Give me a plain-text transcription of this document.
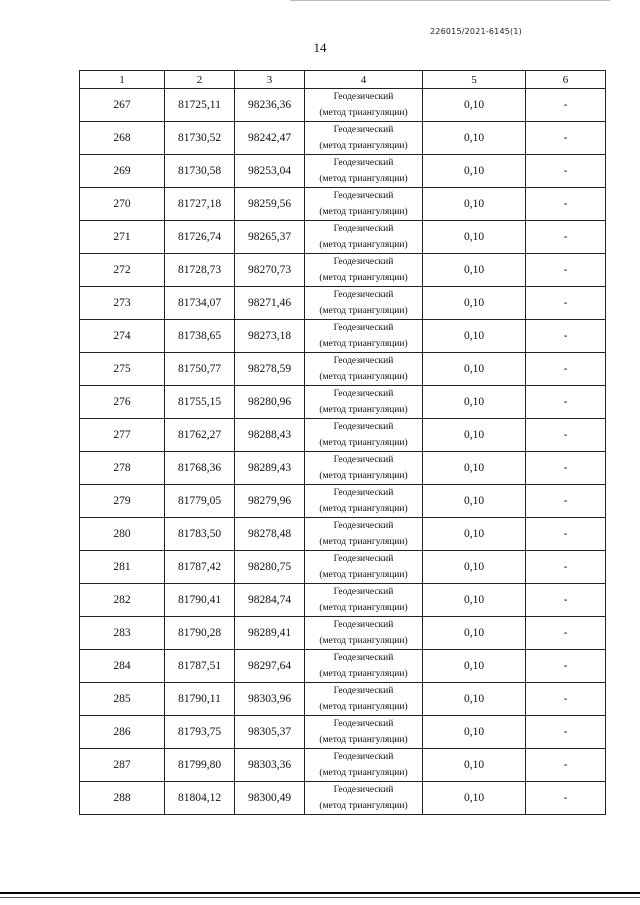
226015/2021-6145(1)
14
1	2	3	4	5	6
267	81725,11	98236,36	Геодезический
(метод триангуляции)	0,10	-
268	81730,52	98242,47	Геодезический
(метод триангуляции)	0,10	-
269	81730,58	98253,04	Геодезический
(метод триангуляции)	0,10	-
270	81727,18	98259,56	Геодезический
(метод триангуляции)	0,10	-
271	81726,74	98265,37	Геодезический
(метод триангуляции)	0,10	-
272	81728,73	98270,73	Геодезический
(метод триангуляции)	0,10	-
273	81734,07	98271,46	Геодезический
(метод триангуляции)	0,10	-
274	81738,65	98273,18	Геодезический
(метод триангуляции)	0,10	-
275	81750,77	98278,59	Геодезический
(метод триангуляции)	0,10	-
276	81755,15	98280,96	Геодезический
(метод триангуляции)	0,10	-
277	81762,27	98288,43	Геодезический
(метод триангуляции)	0,10	-
278	81768,36	98289,43	Геодезический
(метод триангуляции)	0,10	-
279	81779,05	98279,96	Геодезический
(метод триангуляции)	0,10	-
280	81783,50	98278,48	Геодезический
(метод триангуляции)	0,10	-
281	81787,42	98280,75	Геодезический
(метод триангуляции)	0,10	-
282	81790,41	98284,74	Геодезический
(метод триангуляции)	0,10	-
283	81790,28	98289,41	Геодезический
(метод триангуляции)	0,10	-
284	81787,51	98297,64	Геодезический
(метод триангуляции)	0,10	-
285	81790,11	98303,96	Геодезический
(метод триангуляции)	0,10	-
286	81793,75	98305,37	Геодезический
(метод триангуляции)	0,10	-
287	81799,80	98303,36	Геодезический
(метод триангуляции)	0,10	-
288	81804,12	98300,49	Геодезический
(метод триангуляции)	0,10	-
